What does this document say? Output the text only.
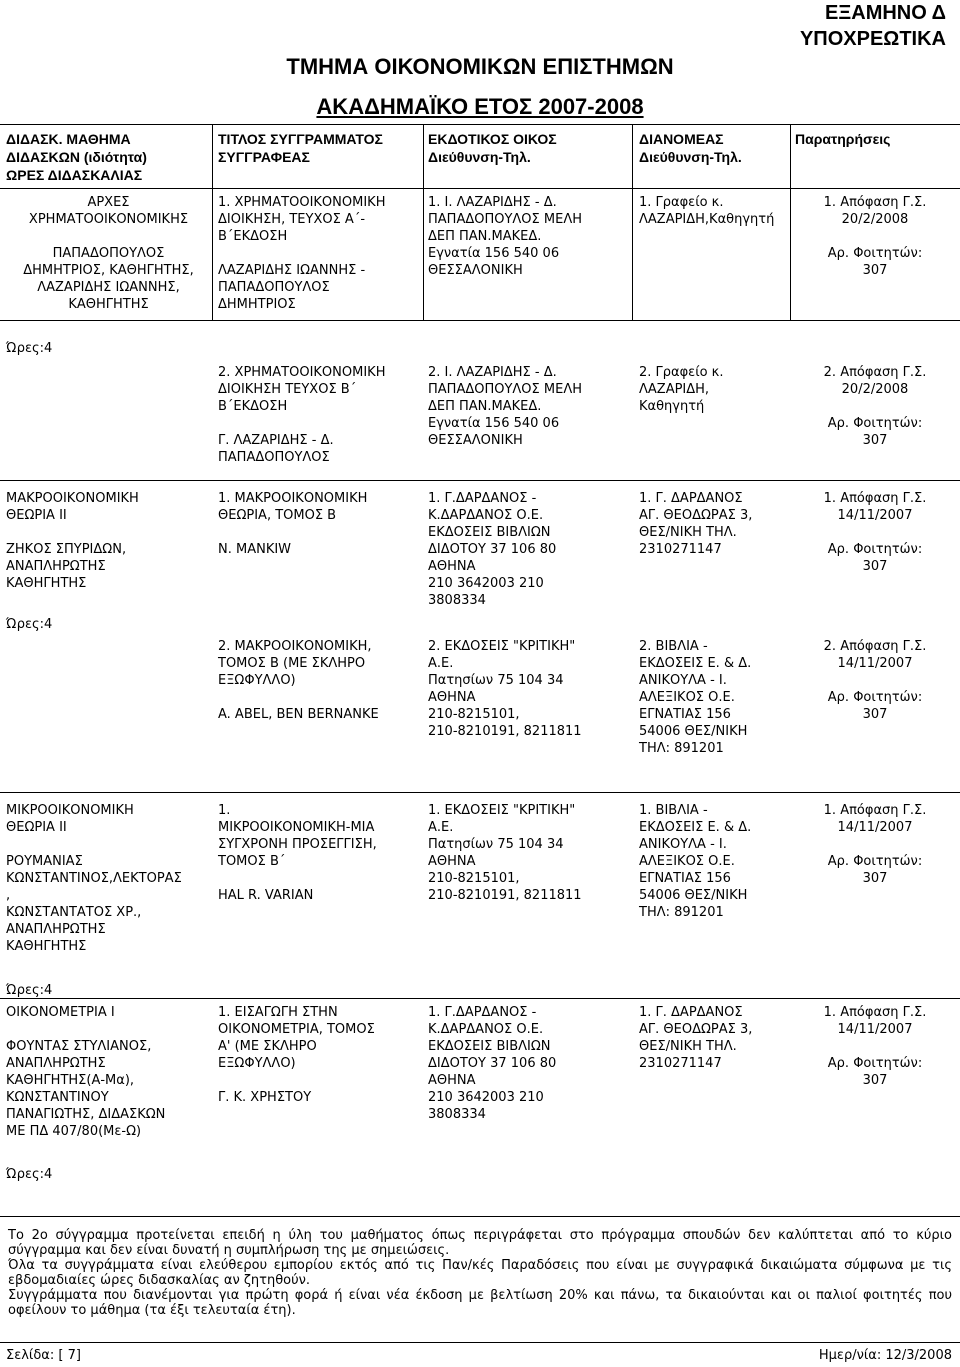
ΕΞΑΜΗΝΟ Δ
ΥΠΟΧΡΕΩΤΙΚΑ
ΤΜΗΜΑ ΟΙΚΟΝΟΜΙΚΩΝ ΕΠΙΣΤΗΜΩΝ
ΑΚΑΔΗΜΑΪΚΟ ΕΤΟΣ 2007-2008
ΔΙΔΑΣΚ. ΜΑΘΗΜΑ
ΔΙΔΑΣΚΩΝ (ιδιότητα)
ΩΡΕΣ ΔΙΔΑΣΚΑΛΙΑΣ
ΤΙΤΛΟΣ ΣΥΓΓΡΑΜΜΑΤΟΣ
ΣΥΓΓΡΑΦΕΑΣ
ΕΚΔΟΤΙΚΟΣ ΟΙΚΟΣ
Διεύθυνση-Τηλ.
ΔΙΑΝΟΜΕΑΣ
Διεύθυνση-Τηλ.
Παρατηρήσεις
ΑΡΧΕΣ
ΧΡΗΜΑΤΟΟΙΚΟΝΟΜΙΚΗΣ

ΠΑΠΑΔΟΠΟΥΛΟΣ
ΔΗΜΗΤΡΙΟΣ, ΚΑΘΗΓΗΤΗΣ,
ΛΑΖΑΡΙΔΗΣ ΙΩΑΝΝΗΣ,
ΚΑΘΗΓΗΤΗΣ
1. ΧΡΗΜΑΤΟΟΙΚΟΝΟΜΙΚΗ
ΔΙΟΙΚΗΣΗ, ΤΕΥΧΟΣ Α΄-
Β΄ΕΚΔΟΣΗ

ΛΑΖΑΡΙΔΗΣ ΙΩΑΝΝΗΣ -
ΠΑΠΑΔΟΠΟΥΛΟΣ
ΔΗΜΗΤΡΙΟΣ
1. Ι. ΛΑΖΑΡΙΔΗΣ - Δ.
ΠΑΠΑΔΟΠΟΥΛΟΣ ΜΕΛΗ
ΔΕΠ ΠΑΝ.ΜΑΚΕΔ.
Εγνατία 156 540 06
ΘΕΣΣΑΛΟΝΙΚΗ
1. Γραφείο κ.
ΛΑΖΑΡΙΔΗ,Καθηγητή
1. Απόφαση Γ.Σ.
20/2/2008

Αρ. Φοιτητών:
307
Ώρες:4
2. ΧΡΗΜΑΤΟΟΙΚΟΝΟΜΙΚΗ
ΔΙΟΙΚΗΣΗ ΤΕΥΧΟΣ Β΄
Β΄ΕΚΔΟΣΗ

Γ. ΛΑΖΑΡΙΔΗΣ - Δ.
ΠΑΠΑΔΟΠΟΥΛΟΣ
2. Ι. ΛΑΖΑΡΙΔΗΣ - Δ.
ΠΑΠΑΔΟΠΟΥΛΟΣ ΜΕΛΗ
ΔΕΠ ΠΑΝ.ΜΑΚΕΔ.
Εγνατία 156 540 06
ΘΕΣΣΑΛΟΝΙΚΗ
2. Γραφείο κ.
ΛΑΖΑΡΙΔΗ,
Καθηγητή
2. Απόφαση Γ.Σ.
20/2/2008

Αρ. Φοιτητών:
307
ΜΑΚΡΟΟΙΚΟΝΟΜΙΚΗ
ΘΕΩΡΙΑ ΙΙ

ΖΗΚΟΣ ΣΠΥΡΙΔΩΝ,
ΑΝΑΠΛΗΡΩΤΗΣ
ΚΑΘΗΓΗΤΗΣ
1. ΜΑΚΡΟΟΙΚΟΝΟΜΙΚΗ
ΘΕΩΡΙΑ, ΤΟΜΟΣ Β

N. MANKIW
1. Γ.ΔΑΡΔΑΝΟΣ -
Κ.ΔΑΡΔΑΝΟΣ Ο.Ε.
ΕΚΔΟΣΕΙΣ ΒΙΒΛΙΩΝ
ΔΙΔΟΤΟΥ 37 106 80
ΑΘΗΝΑ
210 3642003 210
3808334
1. Γ. ΔΑΡΔΑΝΟΣ
ΑΓ. ΘΕΟΔΩΡΑΣ 3,
ΘΕΣ/ΝΙΚΗ ΤΗΛ.
2310271147
1. Απόφαση Γ.Σ.
14/11/2007

Αρ. Φοιτητών:
307
Ώρες:4
2. ΜΑΚΡΟΟΙΚΟΝΟΜΙΚΗ,
ΤΟΜΟΣ Β (ΜΕ ΣΚΛΗΡΟ
ΕΞΩΦΥΛΛΟ)

A. ABEL, BEN BERNANKE
2. ΕΚΔΟΣΕΙΣ "ΚΡΙΤΙΚΗ"
Α.Ε.
Πατησίων 75 104 34
ΑΘΗΝΑ
210-8215101,
210-8210191, 8211811
2. ΒΙΒΛΙΑ -
ΕΚΔΟΣΕΙΣ Ε. & Δ.
ΑΝΙΚΟΥΛΑ - Ι.
ΑΛΕΞΙΚΟΣ Ο.Ε.
ΕΓΝΑΤΙΑΣ 156
54006 ΘΕΣ/ΝΙΚΗ
ΤΗΛ: 891201
2. Απόφαση Γ.Σ.
14/11/2007

Αρ. Φοιτητών:
307
ΜΙΚΡΟΟΙΚΟΝΟΜΙΚΗ
ΘΕΩΡΙΑ ΙΙ

ΡΟΥΜΑΝΙΑΣ
ΚΩΝΣΤΑΝΤΙΝΟΣ,ΛΕΚΤΟΡΑΣ
,
ΚΩΝΣΤΑΝΤΑΤΟΣ ΧΡ.,
ΑΝΑΠΛΗΡΩΤΗΣ
ΚΑΘΗΓΗΤΗΣ
1.
ΜΙΚΡΟΟΙΚΟΝΟΜΙΚΗ-ΜΙΑ
ΣΥΓΧΡΟΝΗ ΠΡΟΣΕΓΓΙΣΗ,
ΤΟΜΟΣ Β΄

HAL R. VARIAN
1. ΕΚΔΟΣΕΙΣ "ΚΡΙΤΙΚΗ"
Α.Ε.
Πατησίων 75 104 34
ΑΘΗΝΑ
210-8215101,
210-8210191, 8211811
1. ΒΙΒΛΙΑ -
ΕΚΔΟΣΕΙΣ Ε. & Δ.
ΑΝΙΚΟΥΛΑ - Ι.
ΑΛΕΞΙΚΟΣ Ο.Ε.
ΕΓΝΑΤΙΑΣ 156
54006 ΘΕΣ/ΝΙΚΗ
ΤΗΛ: 891201
1. Απόφαση Γ.Σ.
14/11/2007

Αρ. Φοιτητών:
307
Ώρες:4
ΟΙΚΟΝΟΜΕΤΡΙΑ Ι

ΦΟΥΝΤΑΣ ΣΤΥΛΙΑΝΟΣ,
ΑΝΑΠΛΗΡΩΤΗΣ
ΚΑΘΗΓΗΤΗΣ(Α-Μα),
ΚΩΝΣΤΑΝΤΙΝΟΥ
ΠΑΝΑΓΙΩΤΗΣ, ΔΙΔΑΣΚΩΝ
ΜΕ ΠΔ 407/80(Με-Ω)
1. ΕΙΣΑΓΩΓΗ ΣΤΗΝ
ΟΙΚΟΝΟΜΕΤΡΙΑ, ΤΟΜΟΣ
Α' (ΜΕ ΣΚΛΗΡΟ
ΕΞΩΦΥΛΛΟ)

Γ. Κ. ΧΡΗΣΤΟΥ
1. Γ.ΔΑΡΔΑΝΟΣ -
Κ.ΔΑΡΔΑΝΟΣ Ο.Ε.
ΕΚΔΟΣΕΙΣ ΒΙΒΛΙΩΝ
ΔΙΔΟΤΟΥ 37 106 80
ΑΘΗΝΑ
210 3642003 210
3808334
1. Γ. ΔΑΡΔΑΝΟΣ
ΑΓ. ΘΕΟΔΩΡΑΣ 3,
ΘΕΣ/ΝΙΚΗ ΤΗΛ.
2310271147
1. Απόφαση Γ.Σ.
14/11/2007

Αρ. Φοιτητών:
307
Ώρες:4

Το 2ο σύγγραμμα προτείνεται επειδή η ύλη του μαθήματος όπως περιγράφεται στο πρόγραμμα σπουδών δεν καλύπτεται από το κύριο σύγγραμμα και δεν είναι δυνατή η συμπλήρωση της με σημειώσεις.

Όλα τα συγγράμματα είναι ελεύθερου εμπορίου εκτός από τις Παν/κές Παραδόσεις που είναι με συγγραφικά δικαιώματα σύμφωνα με τις εβδομαδιαίες ώρες διδασκαλίας αν ζητηθούν.

Συγγράμματα που διανέμονται για πρώτη φορά ή είναι νέα έκδοση με βελτίωση 20% και πάνω, τα δικαιούνται και οι παλιοί φοιτητές που οφείλουν το μάθημα (τα έξι τελευταία έτη).

Σελίδα: [ 7]	Ημερ/νία: 12/3/2008
